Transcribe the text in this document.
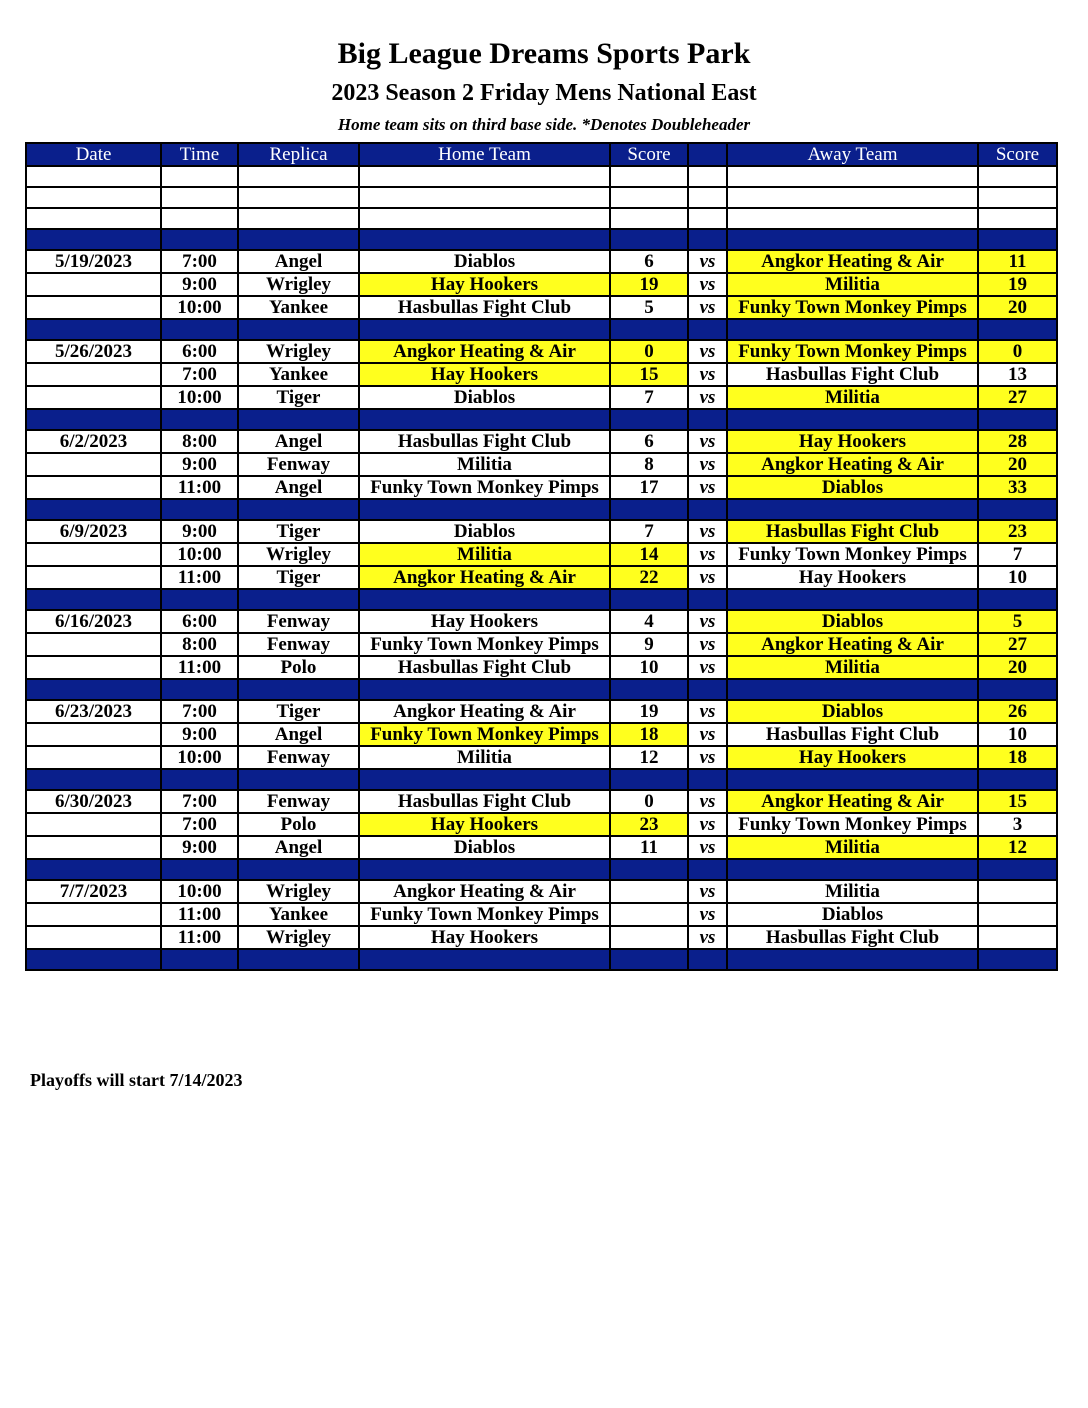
Big League Dreams Sports Park
2023 Season 2 Friday Mens National East
Home team sits on third base side. *Denotes Doubleheader
Date	Time	Replica	Home Team	Score		Away Team	Score

5/19/2023	7:00	Angel	Diablos	6	vs	Angkor Heating & Air	11
	9:00	Wrigley	Hay Hookers	19	vs	Militia	19
	10:00	Yankee	Hasbullas Fight Club	5	vs	Funky Town Monkey Pimps	20

5/26/2023	6:00	Wrigley	Angkor Heating & Air	0	vs	Funky Town Monkey Pimps	0
	7:00	Yankee	Hay Hookers	15	vs	Hasbullas Fight Club	13
	10:00	Tiger	Diablos	7	vs	Militia	27

6/2/2023	8:00	Angel	Hasbullas Fight Club	6	vs	Hay Hookers	28
	9:00	Fenway	Militia	8	vs	Angkor Heating & Air	20
	11:00	Angel	Funky Town Monkey Pimps	17	vs	Diablos	33

6/9/2023	9:00	Tiger	Diablos	7	vs	Hasbullas Fight Club	23
	10:00	Wrigley	Militia	14	vs	Funky Town Monkey Pimps	7
	11:00	Tiger	Angkor Heating & Air	22	vs	Hay Hookers	10

6/16/2023	6:00	Fenway	Hay Hookers	4	vs	Diablos	5
	8:00	Fenway	Funky Town Monkey Pimps	9	vs	Angkor Heating & Air	27
	11:00	Polo	Hasbullas Fight Club	10	vs	Militia	20

6/23/2023	7:00	Tiger	Angkor Heating & Air	19	vs	Diablos	26
	9:00	Angel	Funky Town Monkey Pimps	18	vs	Hasbullas Fight Club	10
	10:00	Fenway	Militia	12	vs	Hay Hookers	18

6/30/2023	7:00	Fenway	Hasbullas Fight Club	0	vs	Angkor Heating & Air	15
	7:00	Polo	Hay Hookers	23	vs	Funky Town Monkey Pimps	3
	9:00	Angel	Diablos	11	vs	Militia	12

7/7/2023	10:00	Wrigley	Angkor Heating & Air		vs	Militia	
	11:00	Yankee	Funky Town Monkey Pimps		vs	Diablos	
	11:00	Wrigley	Hay Hookers		vs	Hasbullas Fight Club	

Playoffs will start 7/14/2023
